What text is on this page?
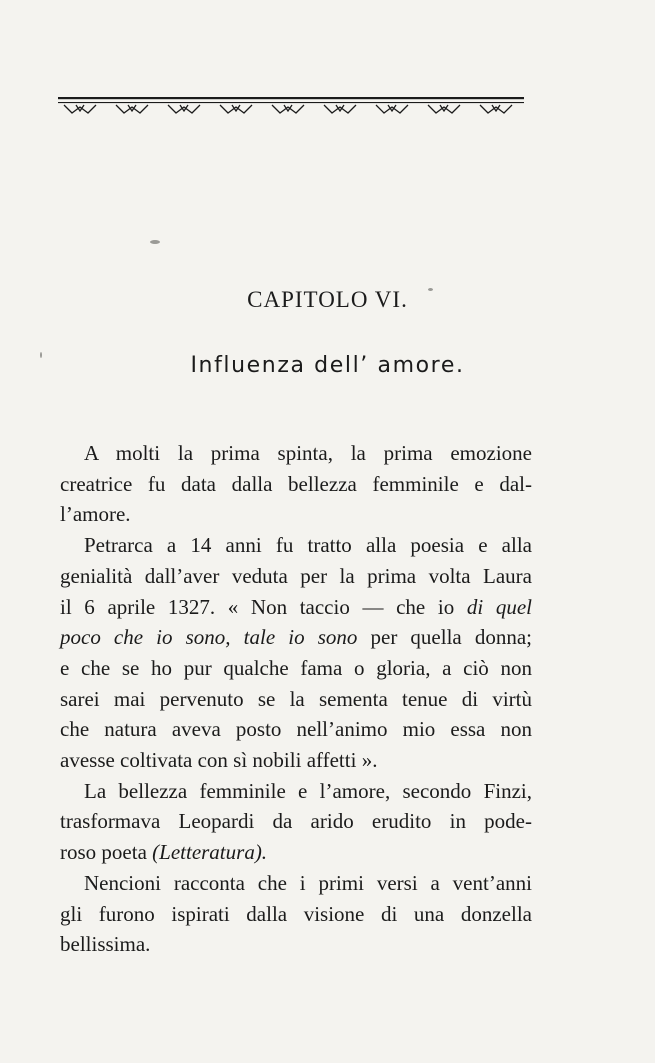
CAPITOLO VI.
Influenza dell’ amore.

A molti la prima spinta, la prima emozione
creatrice fu data dalla bellezza femminile e dal-
l’amore.

Petrarca a 14 anni fu tratto alla poesia e alla
genialità dall’aver veduta per la prima volta Laura
il 6 aprile 1327. « Non taccio — che io di quel
poco che io sono, tale io sono per quella donna;
e che se ho pur qualche fama o gloria, a ciò non
sarei mai pervenuto se la sementa tenue di virtù
che natura aveva posto nell’animo mio essa non
avesse coltivata con sì nobili affetti ».

La bellezza femminile e l’amore, secondo Finzi,
trasformava Leopardi da arido erudito in pode-
roso poeta (Letteratura).

Nencioni racconta che i primi versi a vent’anni
gli furono ispirati dalla visione di una donzella
bellissima.
